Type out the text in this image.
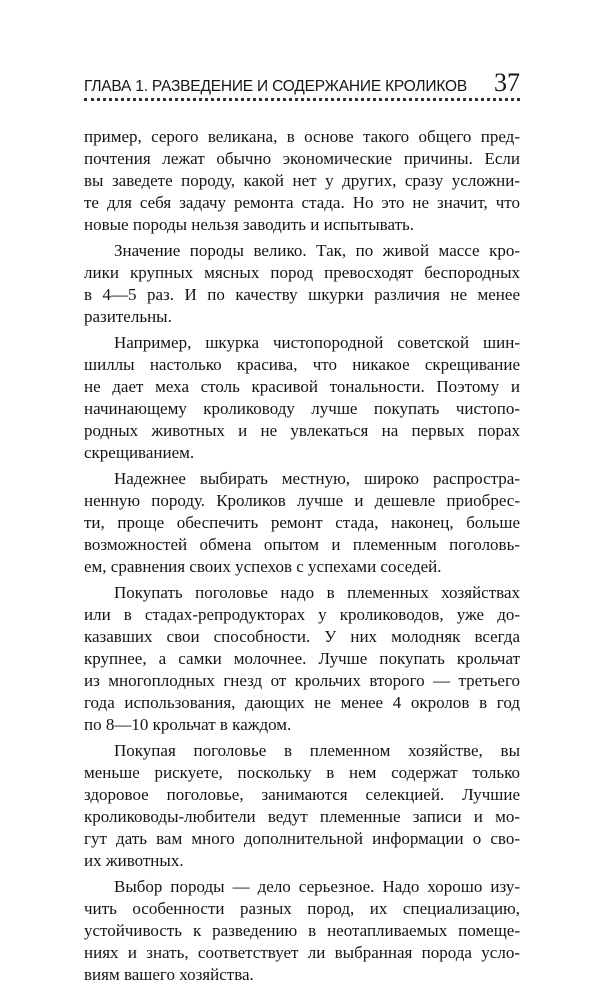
ГЛАВА 1. РАЗВЕДЕНИЕ И СОДЕРЖАНИЕ КРОЛИКОВ 37
пример, серого великана, в основе такого общего пред-
почтения лежат обычно экономические причины. Если
вы заведете породу, какой нет у других, сразу усложни-
те для себя задачу ремонта стада. Но это не значит, что
новые породы нельзя заводить и испытывать.
Значение породы велико. Так, по живой массе кро-
лики крупных мясных пород превосходят беспородных
в 4—5 раз. И по качеству шкурки различия не менее
разительны.
Например, шкурка чистопородной советской шин-
шиллы настолько красива, что никакое скрещивание
не дает меха столь красивой тональности. Поэтому и
начинающему кролиководу лучше покупать чистопо-
родных животных и не увлекаться на первых порах
скрещиванием.
Надежнее выбирать местную, широко распростра-
ненную породу. Кроликов лучше и дешевле приобрес-
ти, проще обеспечить ремонт стада, наконец, больше
возможностей обмена опытом и племенным поголовь-
ем, сравнения своих успехов с успехами соседей.
Покупать поголовье надо в племенных хозяйствах
или в стадах-репродукторах у кролиководов, уже до-
казавших свои способности. У них молодняк всегда
крупнее, а самки молочнее. Лучше покупать крольчат
из многоплодных гнезд от крольчих второго — третьего
года использования, дающих не менее 4 окролов в год
по 8—10 крольчат в каждом.
Покупая поголовье в племенном хозяйстве, вы
меньше рискуете, поскольку в нем содержат только
здоровое поголовье, занимаются селекцией. Лучшие
кролиководы-любители ведут племенные записи и мо-
гут дать вам много дополнительной информации о сво-
их животных.
Выбор породы — дело серьезное. Надо хорошо изу-
чить особенности разных пород, их специализацию,
устойчивость к разведению в неотапливаемых помеще-
ниях и знать, соответствует ли выбранная порода усло-
виям вашего хозяйства.
